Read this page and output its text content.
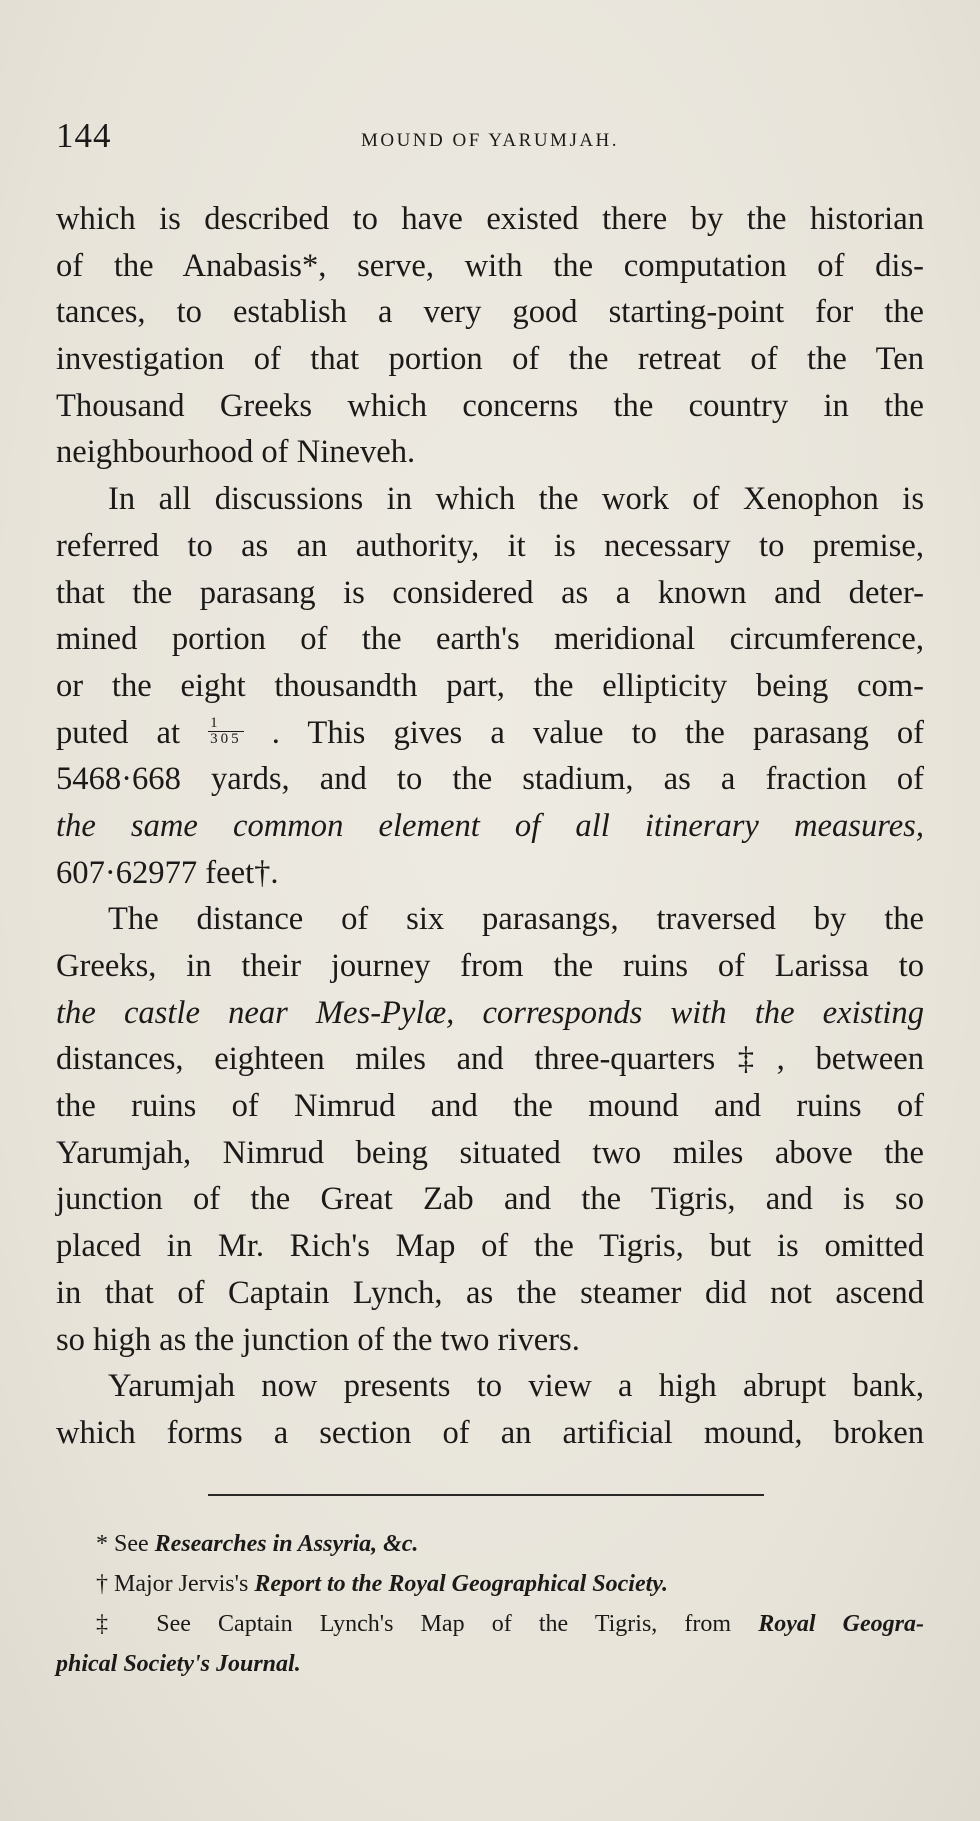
144	MOUND OF YARUMJAH.
which is described to have existed there by the historian
of the Anabasis*, serve, with the computation of dis-
tances, to establish a very good starting-point for the
investigation of that portion of the retreat of the Ten
Thousand Greeks which concerns the country in the
neighbourhood of Nineveh.
In all discussions in which the work of Xenophon is
referred to as an authority, it is necessary to premise,
that the parasang is considered as a known and deter-
mined portion of the earth's meridional circumference,
or the eight thousandth part, the ellipticity being com-
puted at $\frac{1}{305}$ . This gives a value to the parasang of
5468·668 yards, and to the stadium, as a fraction of
the same common element of all itinerary measures,
607·62977 feet†.
The distance of six parasangs, traversed by the
Greeks, in their journey from the ruins of Larissa to
the castle near Mes-Pylæ, corresponds with the existing
distances, eighteen miles and three-quarters‡, between
the ruins of Nimrud and the mound and ruins of
Yarumjah, Nimrud being situated two miles above the
junction of the Great Zab and the Tigris, and is so
placed in Mr. Rich's Map of the Tigris, but is omitted
in that of Captain Lynch, as the steamer did not ascend
so high as the junction of the two rivers.
Yarumjah now presents to view a high abrupt bank,
which forms a section of an artificial mound, broken
* See Researches in Assyria, &c.
† Major Jervis's Report to the Royal Geographical Society.
‡ See Captain Lynch's Map of the Tigris, from Royal Geogra-
phical Society's Journal.
